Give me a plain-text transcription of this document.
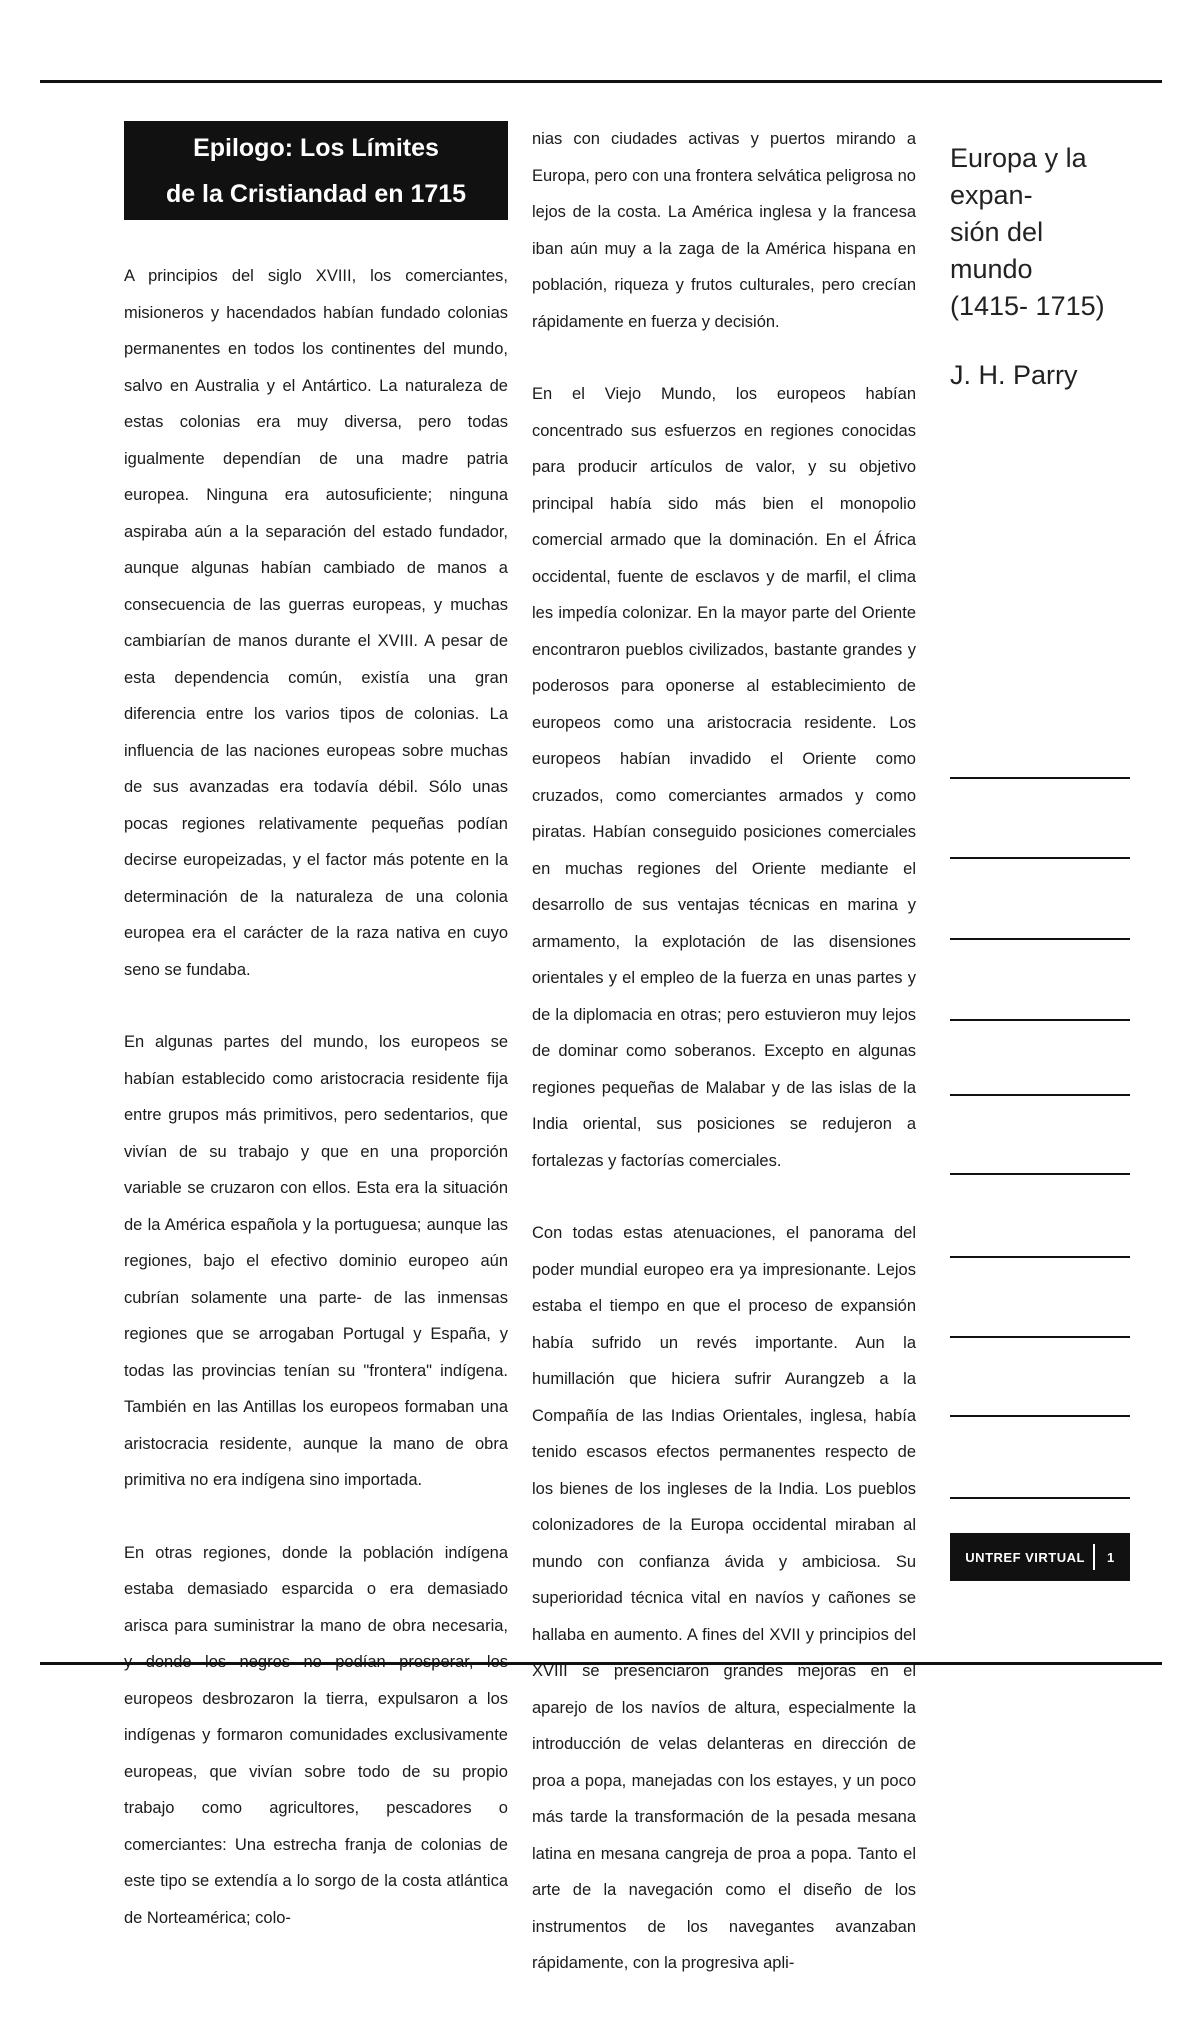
Epilogo: Los Límites
de la Cristiandad en 1715

A principios del siglo XVIII, los comerciantes, misioneros y hacendados habían fundado colonias permanentes en todos los continentes del mundo, salvo en Australia y el Antártico. La naturaleza de estas colonias era muy diversa, pero todas igualmente dependían de una madre patria europea. Ninguna era autosuficiente; ninguna aspiraba aún a la separación del estado fundador, aunque algunas habían cambiado de manos a consecuencia de las guerras europeas, y muchas cambiarían de manos durante el XVIII. A pesar de esta dependencia común, existía una gran diferencia entre los varios tipos de colonias. La influencia de las naciones europeas sobre muchas de sus avanzadas era todavía débil. Sólo unas pocas regiones relativamente pequeñas podían decirse europeizadas, y el factor más potente en la determinación de la naturaleza de una colonia europea era el carácter de la raza nativa en cuyo seno se fundaba.

En algunas partes del mundo, los europeos se habían establecido como aristocracia residente fija entre grupos más primitivos, pero sedentarios, que vivían de su trabajo y que en una proporción variable se cruzaron con ellos. Esta era la situación de la América española y la portuguesa; aunque las regiones, bajo el efectivo dominio europeo aún cubrían solamente una parte- de las inmensas regiones que se arrogaban Portugal y España, y todas las provincias tenían su "frontera" indígena. También en las Antillas los europeos formaban una aristocracia residente, aunque la mano de obra primitiva no era indígena sino importada.

En otras regiones, donde la población indígena estaba demasiado esparcida o era demasiado arisca para suministrar la mano de obra necesaria, y donde los negros no podían prosperar, los europeos desbrozaron la tierra, expulsaron a los indígenas y formaron comunidades exclusivamente europeas, que vivían sobre todo de su propio trabajo como agricultores, pescadores o comerciantes: Una estrecha franja de colonias de este tipo se extendía a lo sorgo de la costa atlántica de Norteamérica; colo-

nias con ciudades activas y puertos mirando a Europa, pero con una frontera selvática peligrosa no lejos de la costa. La América inglesa y la francesa iban aún muy a la zaga de la América hispana en población, riqueza y frutos culturales, pero crecían rápidamente en fuerza y decisión.

En el Viejo Mundo, los europeos habían concentrado sus esfuerzos en regiones conocidas para producir artículos de valor, y su objetivo principal había sido más bien el monopolio comercial armado que la dominación. En el África occidental, fuente de esclavos y de marfil, el clima les impedía colonizar. En la mayor parte del Oriente encontraron pueblos civilizados, bastante grandes y poderosos para oponerse al establecimiento de europeos como una aristocracia residente. Los europeos habían invadido el Oriente como cruzados, como comerciantes armados y como piratas. Habían conseguido posiciones comerciales en muchas regiones del Oriente mediante el desarrollo de sus ventajas técnicas en marina y armamento, la explotación de las disensiones orientales y el empleo de la fuerza en unas partes y de la diplomacia en otras; pero estuvieron muy lejos de dominar como soberanos. Excepto en algunas regiones pequeñas de Malabar y de las islas de la India oriental, sus posiciones se redujeron a fortalezas y factorías comerciales.

Con todas estas atenuaciones, el panorama del poder mundial europeo era ya impresionante. Lejos estaba el tiempo en que el proceso de expansión había sufrido un revés importante. Aun la humillación que hiciera sufrir Aurangzeb a la Compañía de las Indias Orientales, inglesa, había tenido escasos efectos permanentes respecto de los bienes de los ingleses de la India. Los pueblos colonizadores de la Europa occidental miraban al mundo con confianza ávida y ambiciosa. Su superioridad técnica vital en navíos y cañones se hallaba en aumento. A fines del XVII y principios del XVIII se presenciaron grandes mejoras en el aparejo de los navíos de altura, especialmente la introducción de velas delanteras en dirección de proa a popa, manejadas con los estayes, y un poco más tarde la transformación de la pesada mesana latina en mesana cangreja de proa a popa. Tanto el arte de la navegación como el diseño de los instrumentos de los navegantes avanzaban rápidamente, con la progresiva apli-

Europa y la expan-
sión del mundo
(1415- 1715)
J. H. Parry
UNTREF VIRTUAL 1
